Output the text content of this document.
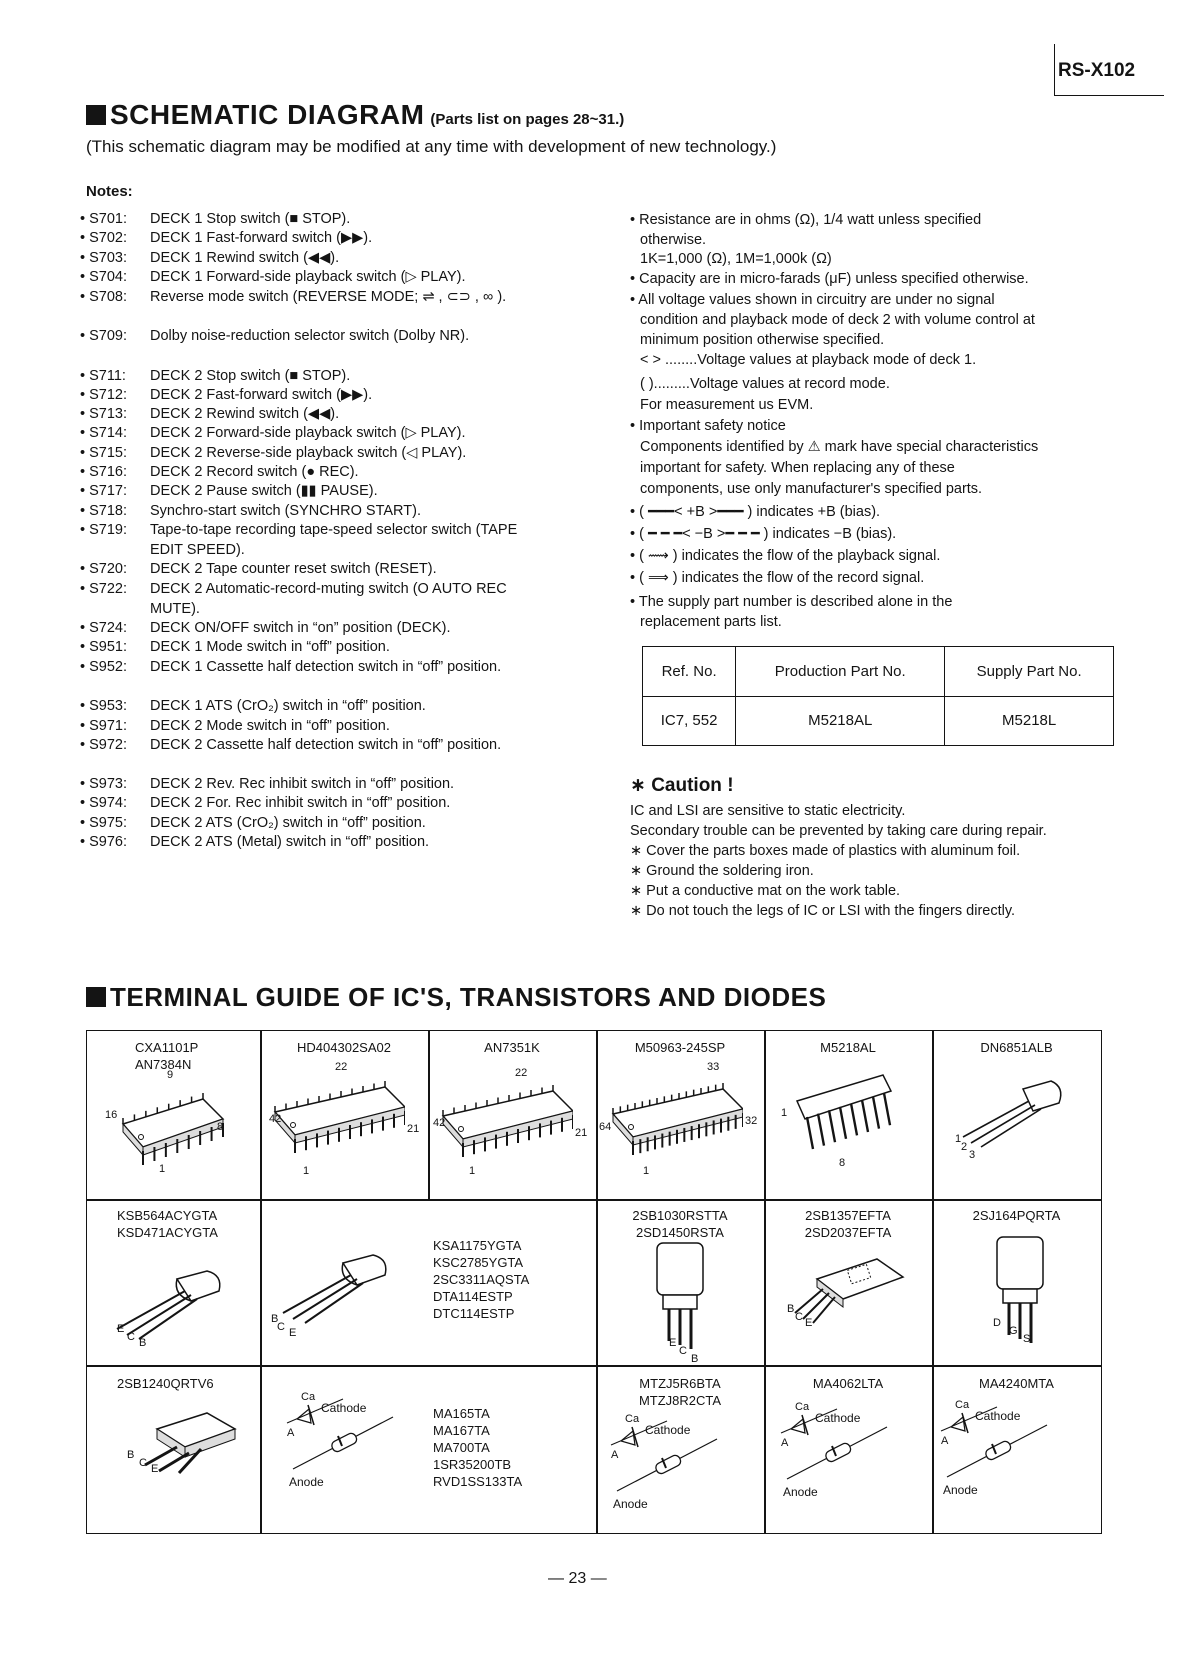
RS-X102
SCHEMATIC DIAGRAM (Parts list on pages 28~31.)
(This schematic diagram may be modified at any time with development of new technology.)
Notes:
• S701: DECK 1 Stop switch (■ STOP).
• S702: DECK 1 Fast-forward switch (▶▶).
• S703: DECK 1 Rewind switch (◀◀).
• S704: DECK 1 Forward-side playback switch (▷ PLAY).
• S708: Reverse mode switch (REVERSE MODE; ⇌ , ⊂⊃ , ∞ ).
• S709: Dolby noise-reduction selector switch (Dolby NR).
• S711: DECK 2 Stop switch (■ STOP).
• S712: DECK 2 Fast-forward switch (▶▶).
• S713: DECK 2 Rewind switch (◀◀).
• S714: DECK 2 Forward-side playback switch (▷ PLAY).
• S715: DECK 2 Reverse-side playback switch (◁ PLAY).
• S716: DECK 2 Record switch (● REC).
• S717: DECK 2 Pause switch (▮▮ PAUSE).
• S718: Synchro-start switch (SYNCHRO START).
• S719: Tape-to-tape recording tape-speed selector switch (TAPE EDIT SPEED).
• S720: DECK 2 Tape counter reset switch (RESET).
• S722: DECK 2 Automatic-record-muting switch (O AUTO REC MUTE).
• S724: DECK ON/OFF switch in “on” position (DECK).
• S951: DECK 1 Mode switch in “off” position.
• S952: DECK 1 Cassette half detection switch in “off” position.
• S953: DECK 1 ATS (CrO₂) switch in “off” position.
• S971: DECK 2 Mode switch in “off” position.
• S972: DECK 2 Cassette half detection switch in “off” position.
• S973: DECK 2 Rev. Rec inhibit switch in “off” position.
• S974: DECK 2 For. Rec inhibit switch in “off” position.
• S975: DECK 2 ATS (CrO₂) switch in “off” position.
• S976: DECK 2 ATS (Metal) switch in “off” position.
• Resistance are in ohms (Ω), 1/4 watt unless specified
otherwise.
1K=1,000 (Ω), 1M=1,000k (Ω)
• Capacity are in micro-farads (μF) unless specified otherwise.
• All voltage values shown in circuitry are under no signal
condition and playback mode of deck 2 with volume control at
minimum position otherwise specified.
< > ........Voltage values at playback mode of deck 1.
( ).........Voltage values at record mode.
For measurement us EVM.
• Important safety notice
Components identified by ⚠ mark have special characteristics
important for safety. When replacing any of these
components, use only manufacturer's specified parts.
• ( ━━━< +B >━━━ ) indicates +B (bias).
• ( ━ ━ ━< −B >━ ━ ━ ) indicates −B (bias).
• ( ⟿ ) indicates the flow of the playback signal.
• ( ⟹ ) indicates the flow of the record signal.
• The supply part number is described alone in the
replacement parts list.
Ref. No.	Production Part No.	Supply Part No.
IC7, 552	M5218AL	M5218L
∗ Caution !
IC and LSI are sensitive to static electricity.
Secondary trouble can be prevented by taking care during repair.
∗ Cover the parts boxes made of plastics with aluminum foil.
∗ Ground the soldering iron.
∗ Put a conductive mat on the work table.
∗ Do not touch the legs of IC or LSI with the fingers directly.
TERMINAL GUIDE OF IC'S, TRANSISTORS AND DIODES
CXA1101P
AN7384N
9
16
8
1
HD404302SA02
22
42
21
1
AN7351K
22
42
21
1
M50963-245SP
33
64	32
1
M5218AL
1
8
DN6851ALB
1
2
3
KSB564ACYGTA
KSD471ACYGTA
E
C B
KSA1175YGTA
KSC2785YGTA
2SC3311AQSTA
DTA114ESTP
DTC114ESTP
B
C E
2SB1030RSTTA
2SD1450RSTA
E
C
B
2SB1357EFTA
2SD2037EFTA
B
C E
2SJ164PQRTA
D
G
S
2SB1240QRTV6
B
C E
MA165TA
MA167TA
MA700TA
1SR35200TB
RVD1SS133TA
Ca
Cathode
A
Anode
MTZJ5R6BTA
MTZJ8R2CTA
Ca
Cathode
A
Anode
MA4062LTA
Ca
Cathode
A
Anode
MA4240MTA
Ca
Cathode
A
Anode
— 23 —
